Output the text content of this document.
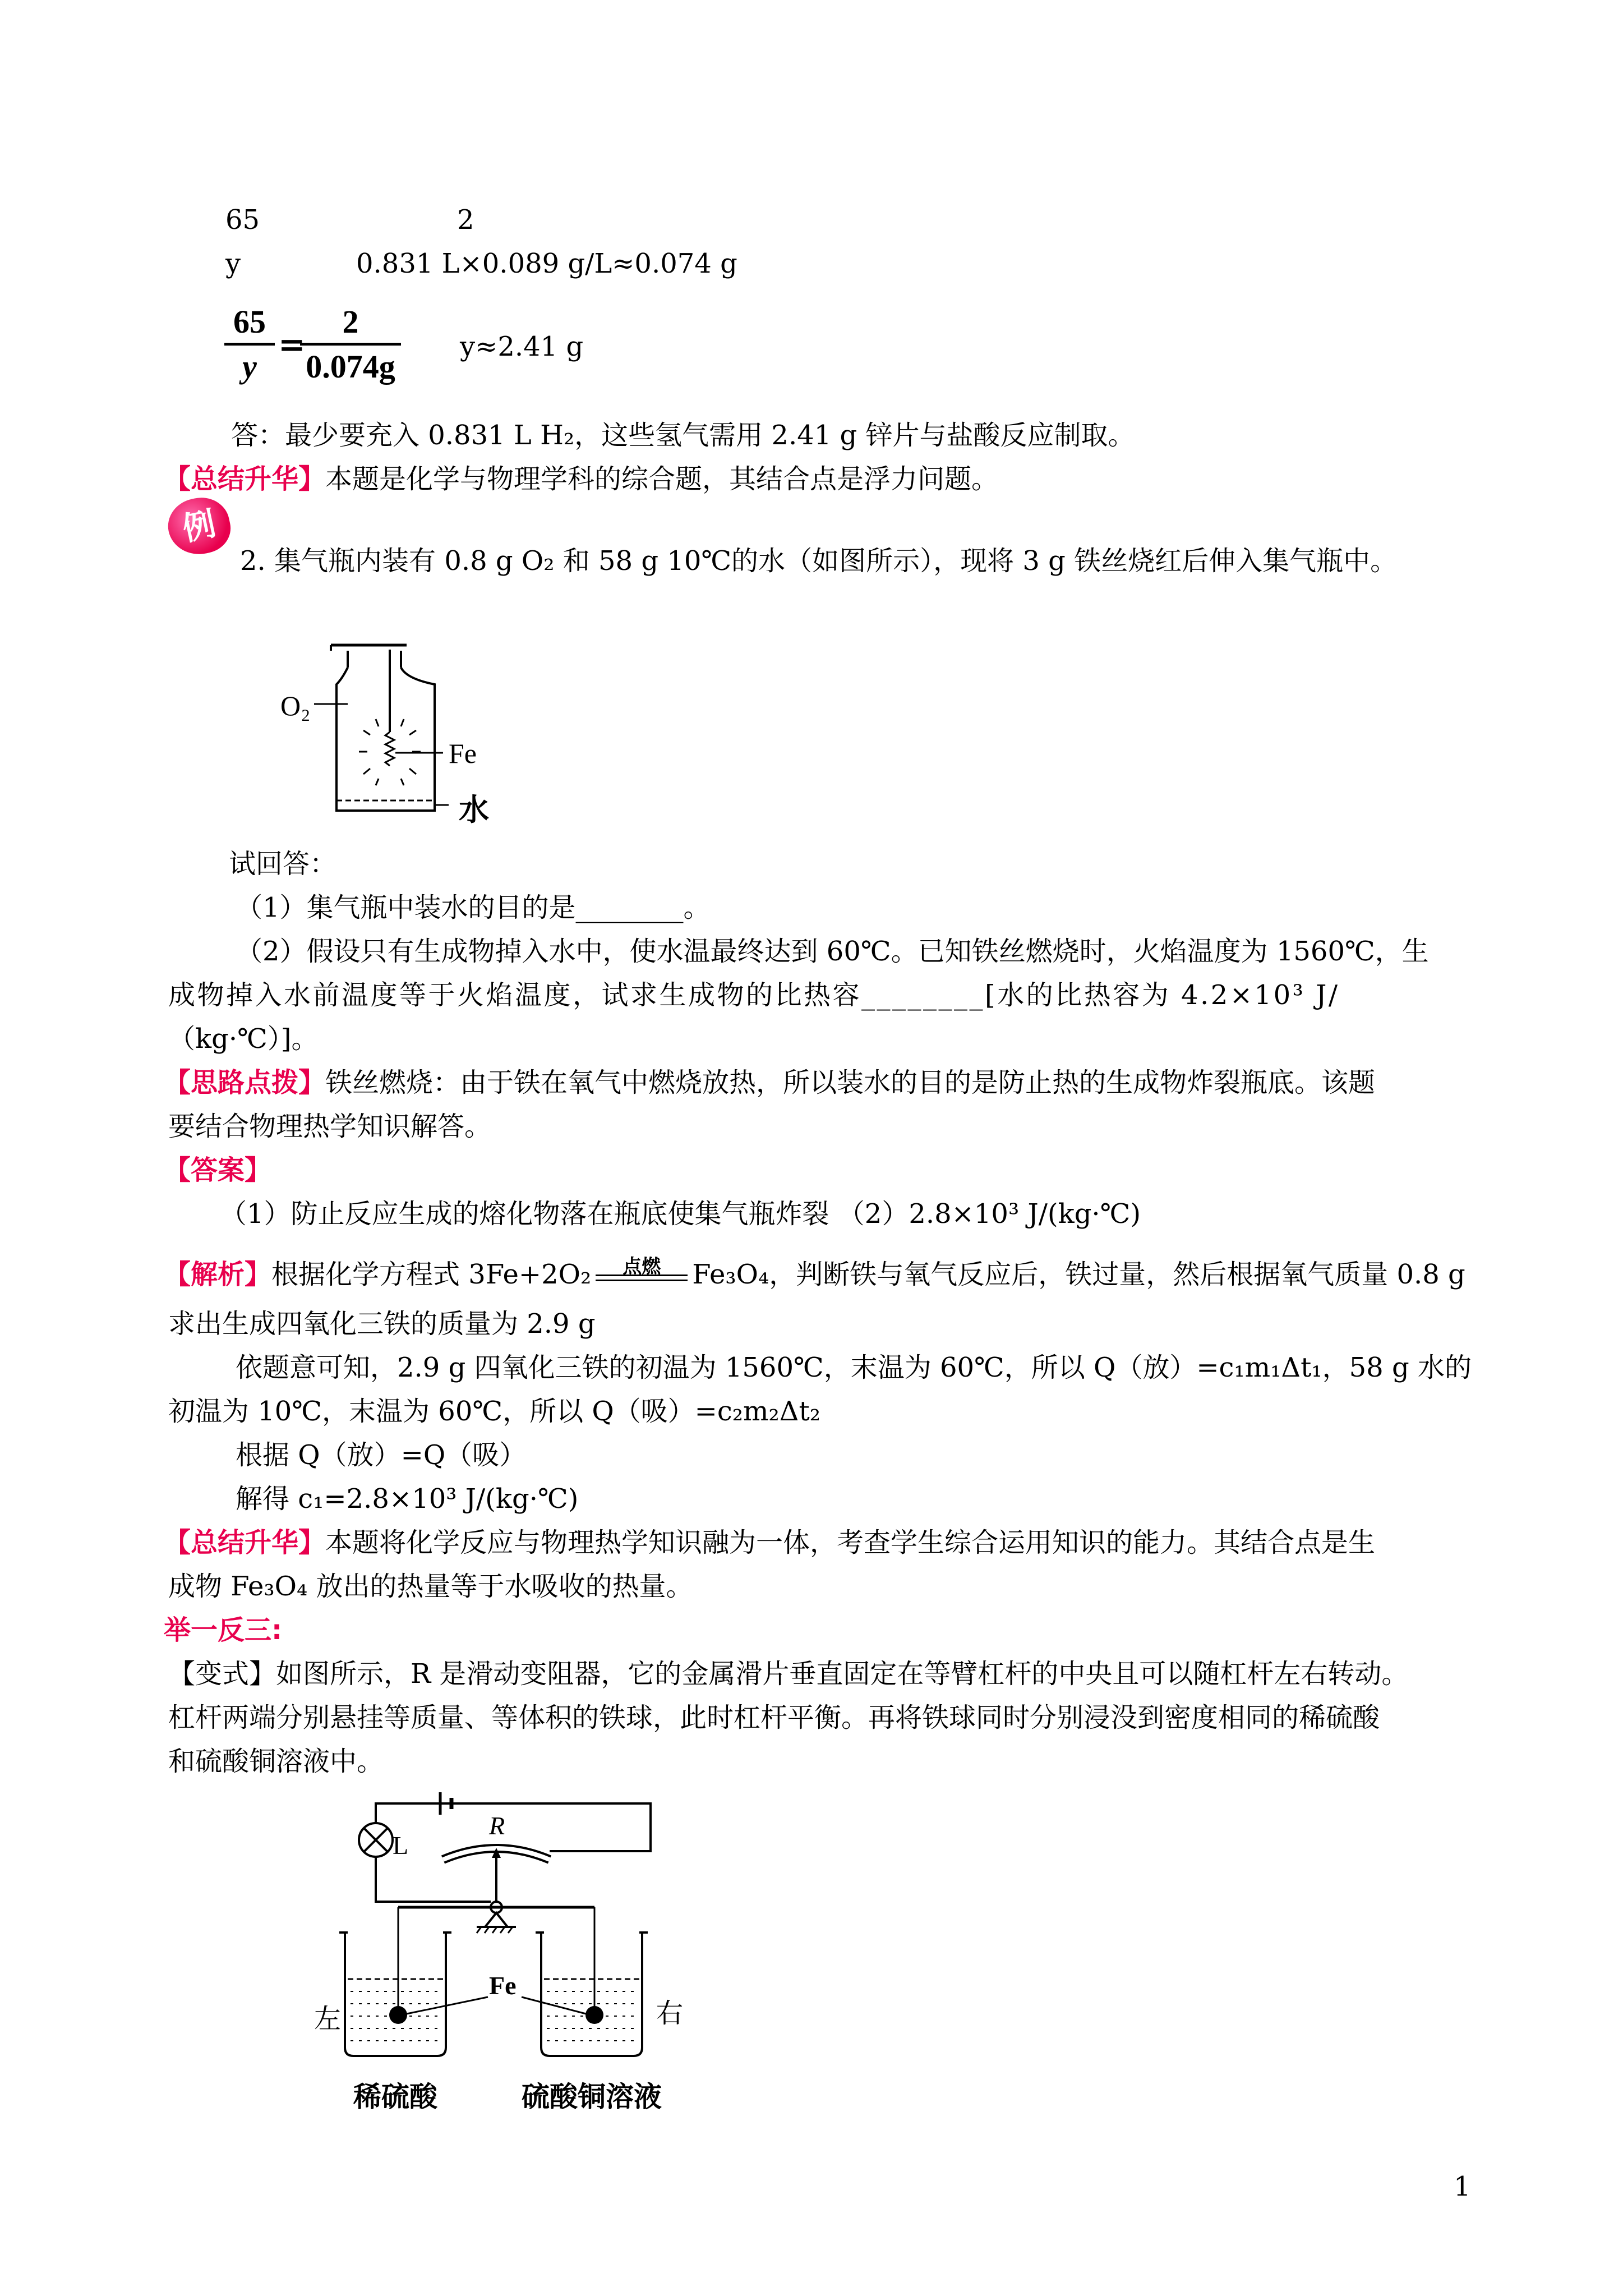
65	2
y	0.831 L×0.089 g/L≈0.074 g
65
y
=
2
0.074g
y≈2.41 g
答：最少要充入 0.831 L H₂，这些氢气需用 2.41 g 锌片与盐酸反应制取。
【总结升华】本题是化学与物理学科的综合题，其结合点是浮力问题。
例
2. 集气瓶内装有 0.8 g O₂ 和 58 g 10℃的水（如图所示），现将 3 g 铁丝烧红后伸入集气瓶中。
O₂
Fe
水
试回答：
（1）集气瓶中装水的目的是________。
（2）假设只有生成物掉入水中，使水温最终达到 60℃。已知铁丝燃烧时，火焰温度为 1560℃，生
成物掉入水前温度等于火焰温度，试求生成物的比热容________[水的比热容为 4.2×10³ J/
（kg·℃）]。
【思路点拨】铁丝燃烧：由于铁在氧气中燃烧放热，所以装水的目的是防止热的生成物炸裂瓶底。该题
要结合物理热学知识解答。
【答案】
（1）防止反应生成的熔化物落在瓶底使集气瓶炸裂 （2）2.8×10³ J/(kg·℃)
【解析】根据化学方程式 3Fe+2O₂	点燃	Fe₃O₄，判断铁与氧气反应后，铁过量，然后根据氧气质量 0.8 g
求出生成四氧化三铁的质量为 2.9 g
依题意可知，2.9 g 四氧化三铁的初温为 1560℃，末温为 60℃，所以 Q（放）=c₁m₁Δt₁，58 g 水的
初温为 10℃，末温为 60℃，所以 Q（吸）=c₂m₂Δt₂
根据 Q（放）=Q（吸）
解得 c₁=2.8×10³ J/(kg·℃)
【总结升华】本题将化学反应与物理热学知识融为一体，考查学生综合运用知识的能力。其结合点是生
成物 Fe₃O₄ 放出的热量等于水吸收的热量。
举一反三:
【变式】如图所示，R 是滑动变阻器，它的金属滑片垂直固定在等臂杠杆的中央且可以随杠杆左右转动。
杠杆两端分别悬挂等质量、等体积的铁球，此时杠杆平衡。再将铁球同时分别浸没到密度相同的稀硫酸
和硫酸铜溶液中。
L
R
Fe
左	右
稀硫酸	硫酸铜溶液
1
